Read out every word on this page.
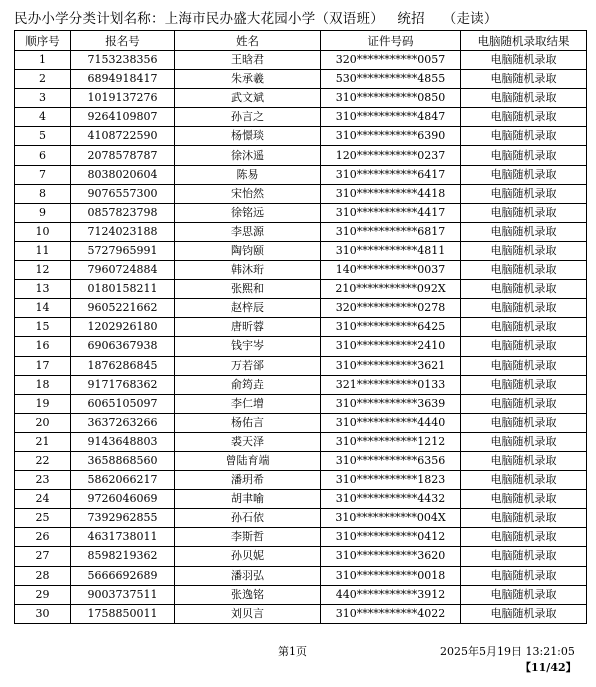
民办小学分类计划名称：上海市民办盛大花园小学（双语班） 统招 （走读）
顺序号	报名号	姓名	证件号码	电脑随机录取结果
1	7153238356	王晗君	320***********0057	电脑随机录取
2	6894918417	朱承羲	530***********4855	电脑随机录取
3	1019137276	武文斌	310***********0850	电脑随机录取
4	9264109807	孙言之	310***********4847	电脑随机录取
5	4108722590	杨憬琰	310***********6390	电脑随机录取
6	2078578787	徐沐遥	120***********0237	电脑随机录取
7	8038020604	陈易	310***********6417	电脑随机录取
8	9076557300	宋怡然	310***********4418	电脑随机录取
9	0857823798	徐铭远	310***********4417	电脑随机录取
10	7124023188	李思源	310***********6817	电脑随机录取
11	5727965991	陶钧颐	310***********4811	电脑随机录取
12	7960724884	韩沐珩	140***********0037	电脑随机录取
13	0180158211	张熙和	210***********092X	电脑随机录取
14	9605221662	赵梓辰	320***********0278	电脑随机录取
15	1202926180	唐昕蓉	310***********6425	电脑随机录取
16	6906367938	钱宇岑	310***********2410	电脑随机录取
17	1876286845	万若郤	310***********3621	电脑随机录取
18	9171768362	俞筠垚	321***********0133	电脑随机录取
19	6065105097	李仁增	310***********3639	电脑随机录取
20	3637263266	杨佑言	310***********4440	电脑随机录取
21	9143648803	裘天泽	310***********1212	电脑随机录取
22	3658868560	曾陆育端	310***********6356	电脑随机录取
23	5862066217	潘玥希	310***********1823	电脑随机录取
24	9726046069	胡聿喻	310***********4432	电脑随机录取
25	7392962855	孙石依	310***********004X	电脑随机录取
26	4631738011	李斯哲	310***********0412	电脑随机录取
27	8598219362	孙贝妮	310***********3620	电脑随机录取
28	5666692689	潘羽弘	310***********0018	电脑随机录取
29	9003737511	张逸铭	440***********3912	电脑随机录取
30	1758850011	刘贝言	310***********4022	电脑随机录取
第1页	2025年5月19日 13:21:05
【11/42】
